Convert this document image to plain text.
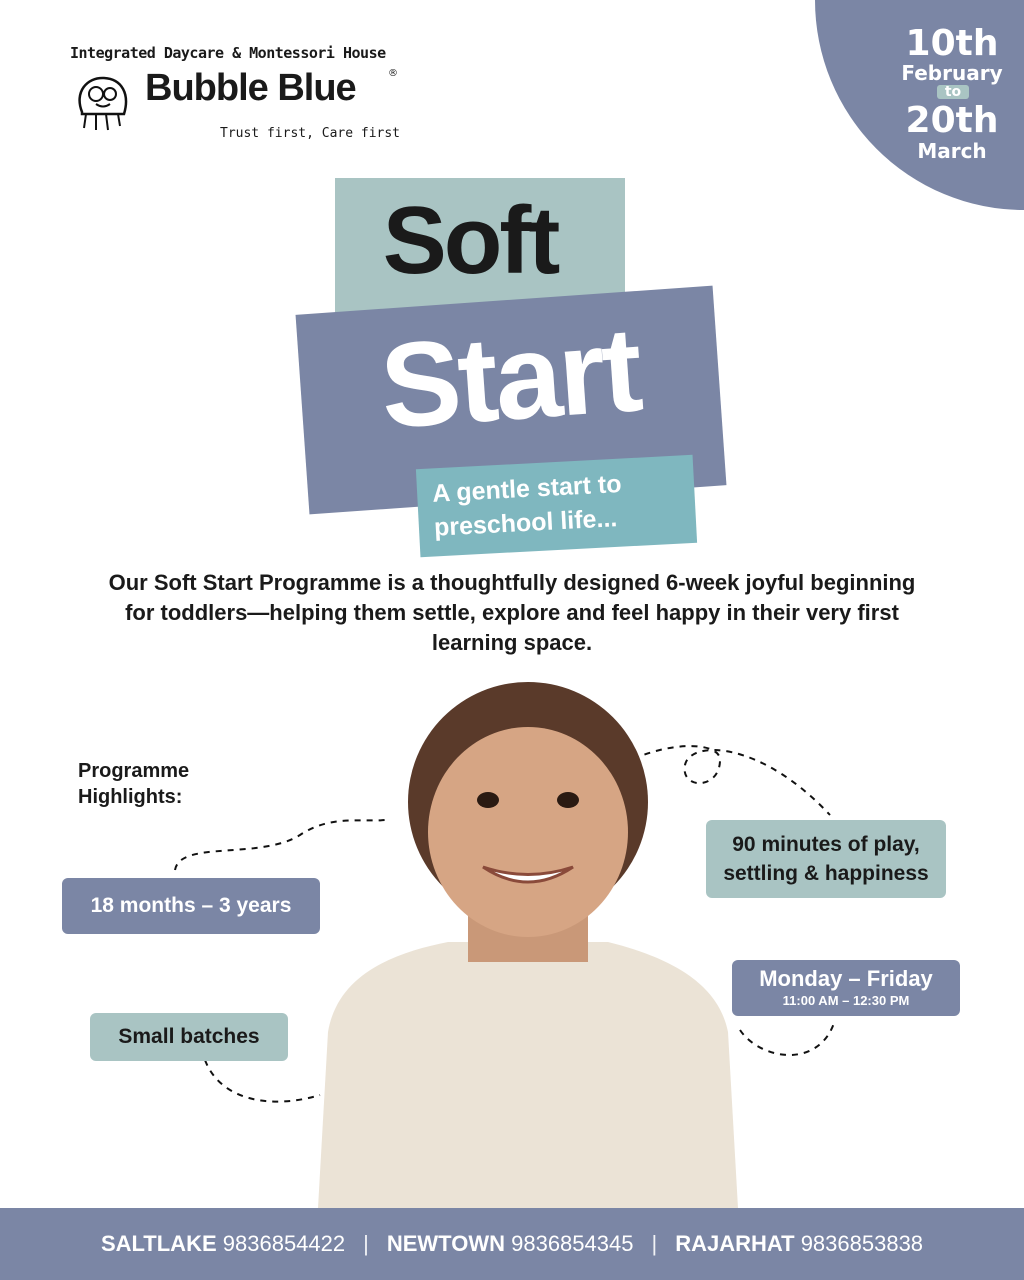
10th
February
to
20th
March
Integrated Daycare & Montessori House
Bubble Blue	®
Trust first, Care first
Soft
Start
A gentle start to preschool life...
Our Soft Start Programme is a thoughtfully designed 6-week joyful beginning for toddlers—helping them settle, explore and feel happy in their very first learning space.
Programme Highlights:
18 months – 3 years
Small batches
90 minutes of play, settling & happiness
Monday – Friday
11:00 AM – 12:30 PM
SALTLAKE 9836854422 | NEWTOWN 9836854345 | RAJARHAT 9836853838
